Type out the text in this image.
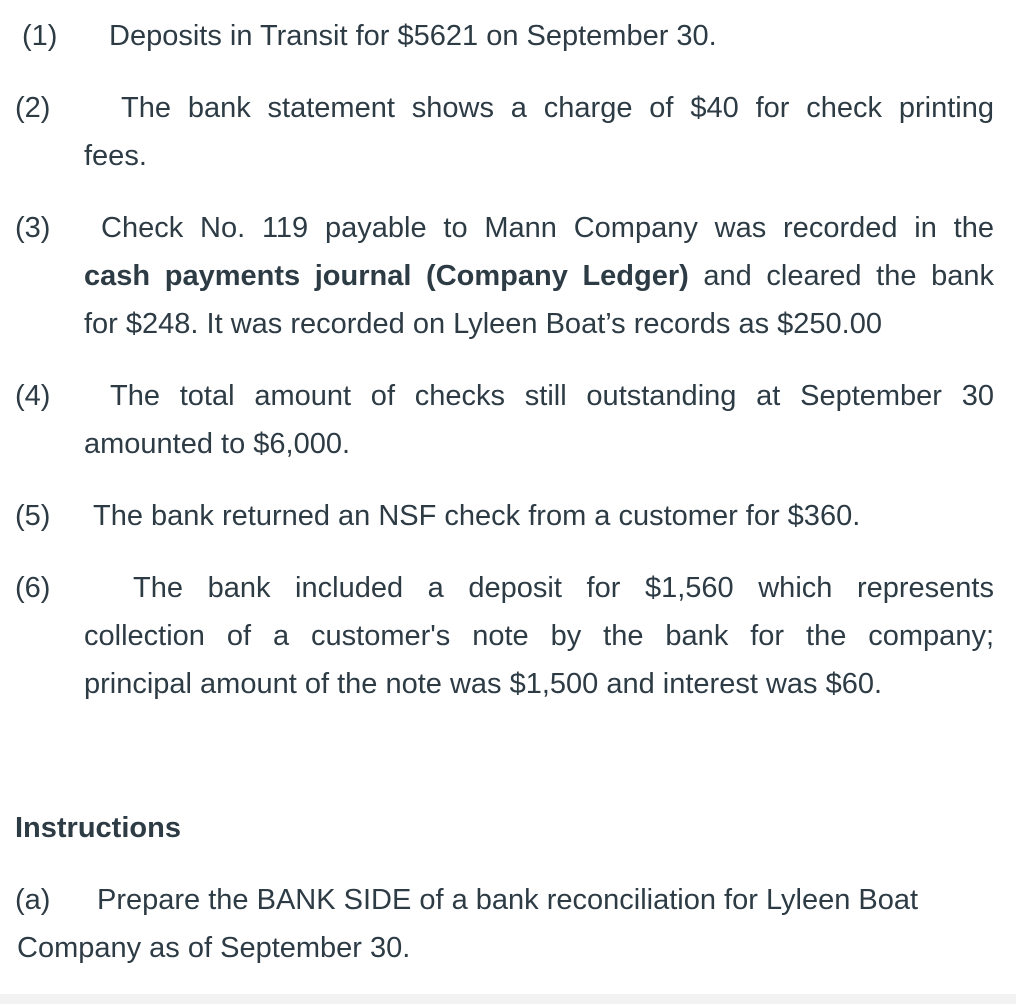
(1) Deposits in Transit for $5621 on September 30.
(2) The bank statement shows a charge of $40 for check printing
fees.
(3) Check No. 119 payable to Mann Company was recorded in the
cash payments journal (Company Ledger) and cleared the bank
for $248. It was recorded on Lyleen Boat’s records as $250.00
(4) The total amount of checks still outstanding at September 30
amounted to $6,000.
(5) The bank returned an NSF check from a customer for $360.
(6)	The bank included a deposit for $1,560 which represents
collection of a customer's note by the bank for the company;
principal amount of the note was $1,500 and interest was $60.
Instructions
(a) Prepare the BANK SIDE of a bank reconciliation for Lyleen Boat
Company as of September 30.
